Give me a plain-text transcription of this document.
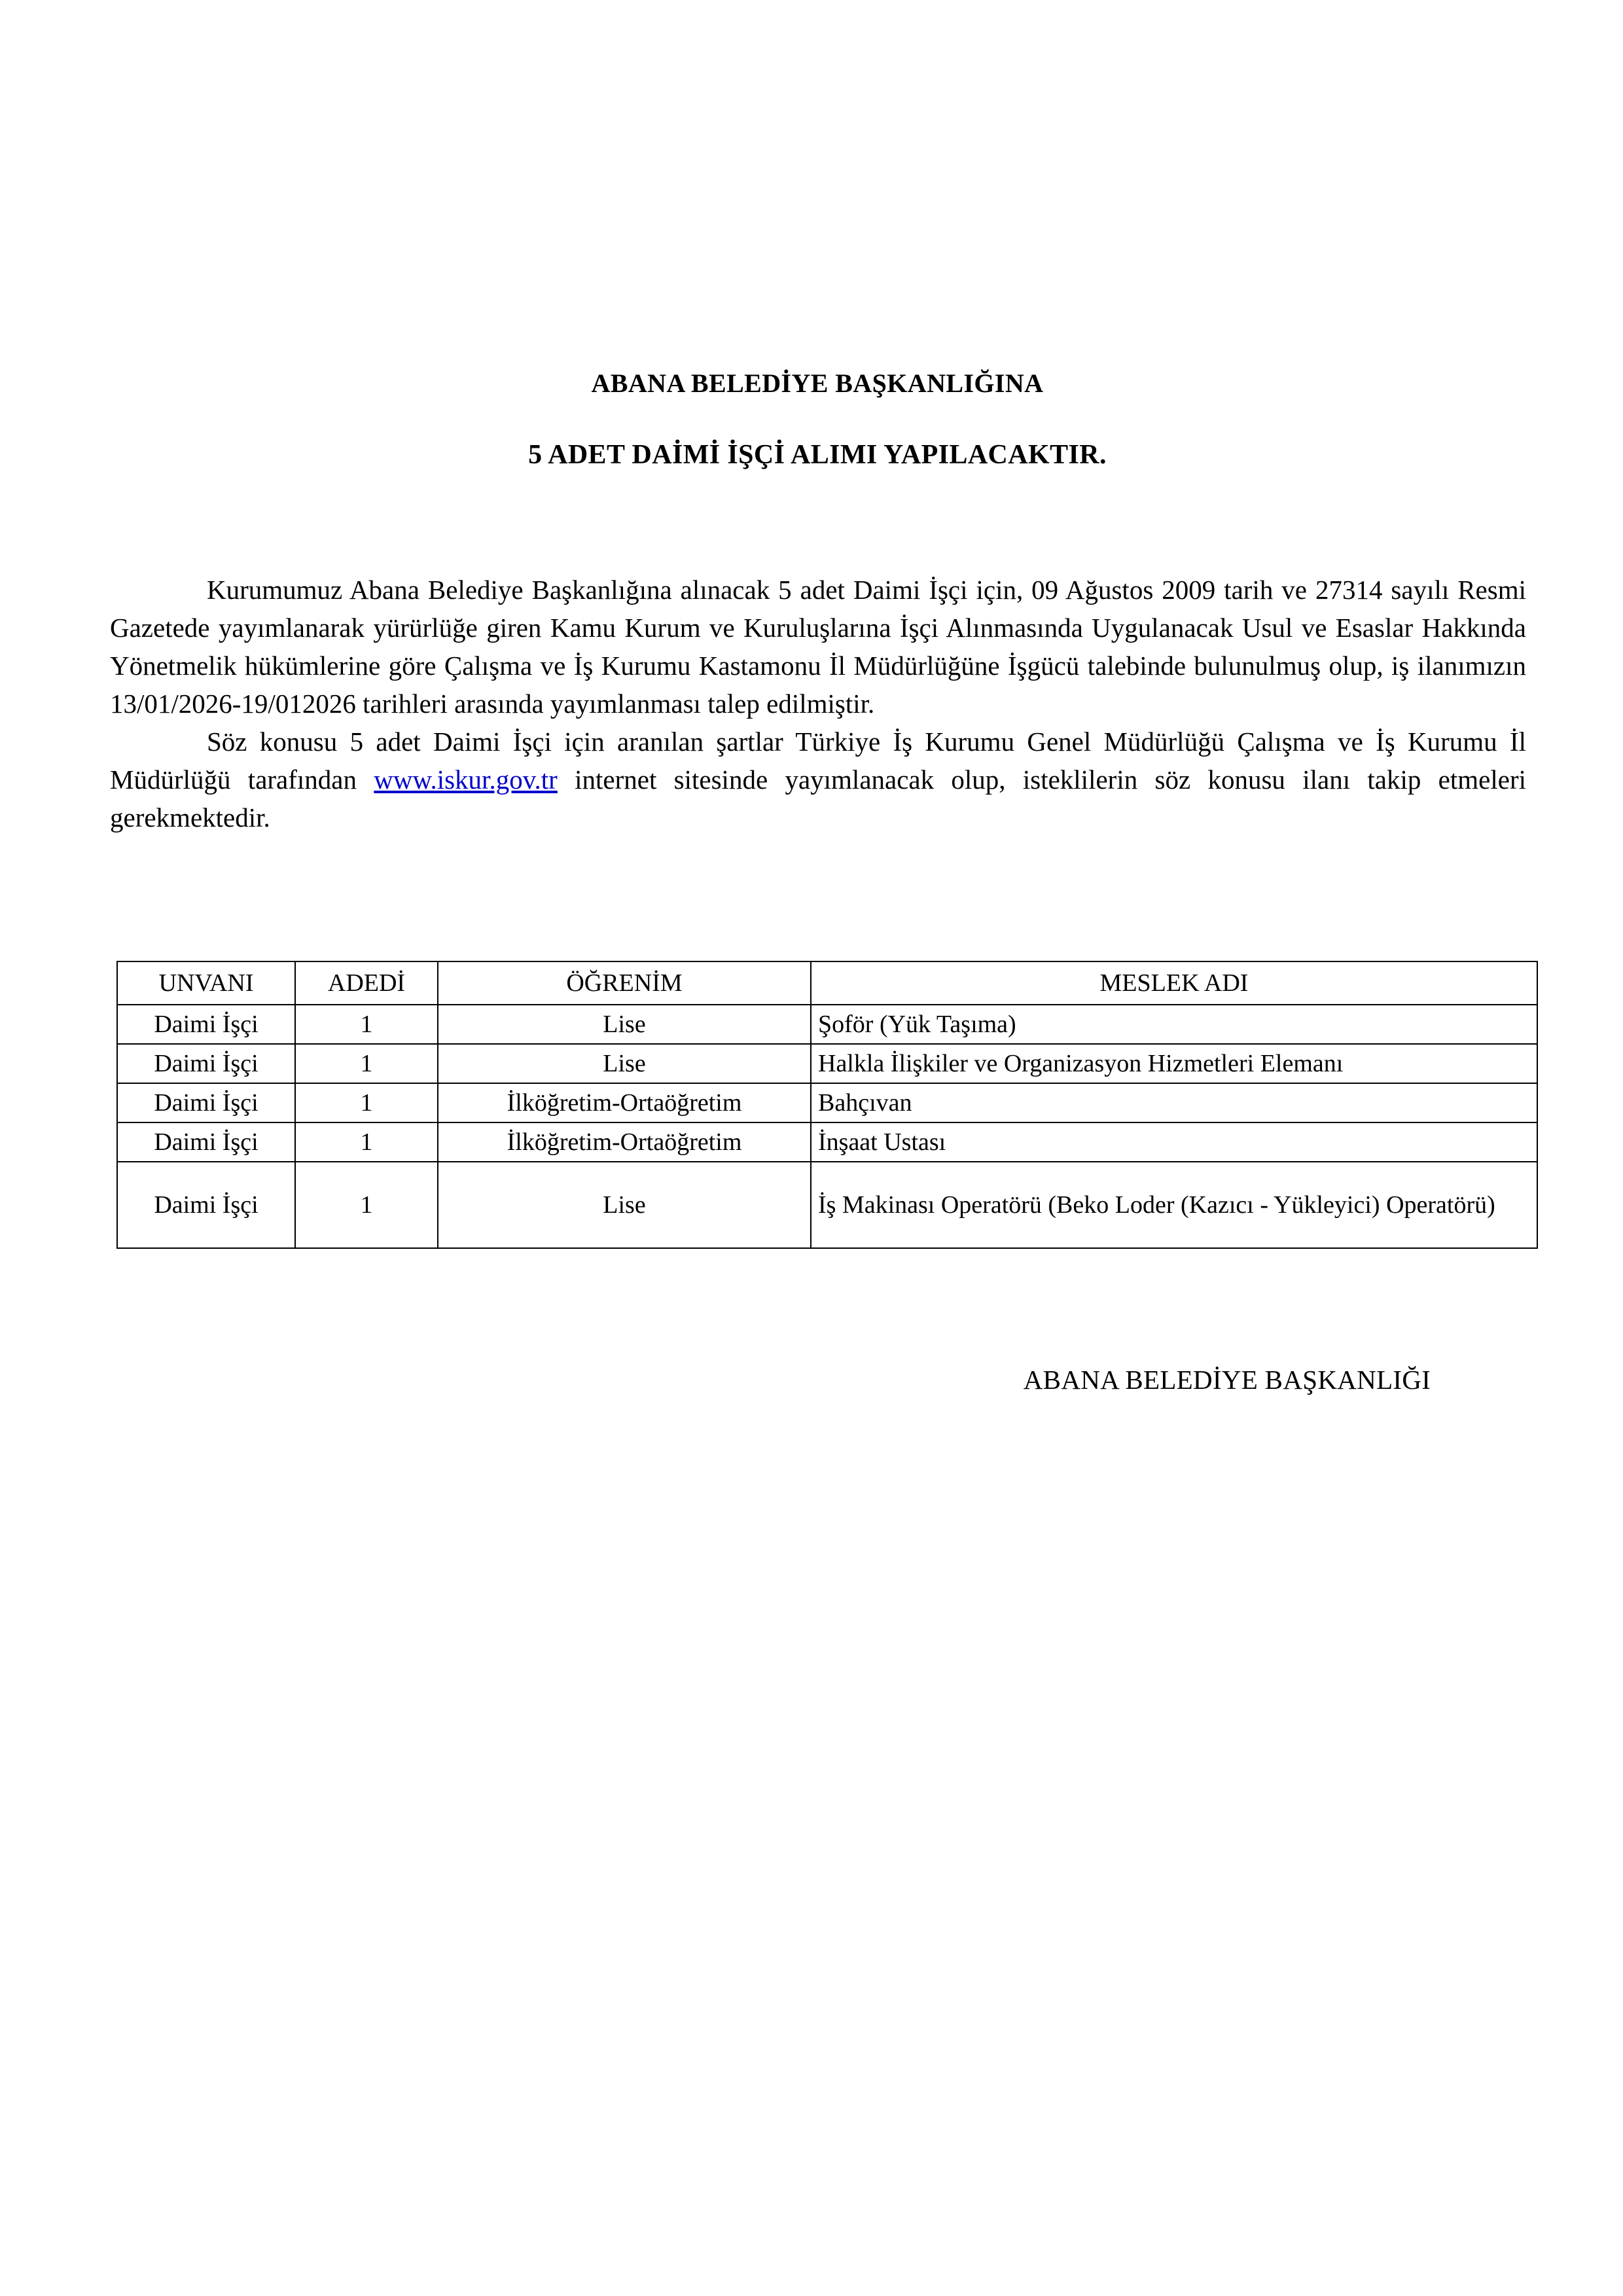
ABANA BELEDİYE BAŞKANLIĞINA
5 ADET DAİMİ İŞÇİ ALIMI YAPILACAKTIR.

Kurumumuz Abana Belediye Başkanlığına alınacak 5 adet Daimi İşçi için, 09 Ağustos 2009 tarih ve 27314 sayılı Resmi Gazetede yayımlanarak yürürlüğe giren Kamu Kurum ve Kuruluşlarına İşçi Alınmasında Uygulanacak Usul ve Esaslar Hakkında Yönetmelik hükümlerine göre Çalışma ve İş Kurumu Kastamonu İl Müdürlüğüne İşgücü talebinde bulunulmuş olup, iş ilanımızın 13/01/2026-19/012026 tarihleri arasında yayımlanması talep edilmiştir.

Söz konusu 5 adet Daimi İşçi için aranılan şartlar Türkiye İş Kurumu Genel Müdürlüğü Çalışma ve İş Kurumu İl Müdürlüğü tarafından www.iskur.gov.tr internet sitesinde yayımlanacak olup, isteklilerin söz konusu ilanı takip etmeleri gerekmektedir.

UNVANI	ADEDİ	ÖĞRENİM	MESLEK ADI
Daimi İşçi	1	Lise	Şoför (Yük Taşıma)
Daimi İşçi	1	Lise	Halkla İlişkiler ve Organizasyon Hizmetleri Elemanı
Daimi İşçi	1	İlköğretim-Ortaöğretim	Bahçıvan
Daimi İşçi	1	İlköğretim-Ortaöğretim	İnşaat Ustası
Daimi İşçi	1	Lise	İş Makinası Operatörü (Beko Loder (Kazıcı - Yükleyici) Operatörü)
ABANA BELEDİYE BAŞKANLIĞI
